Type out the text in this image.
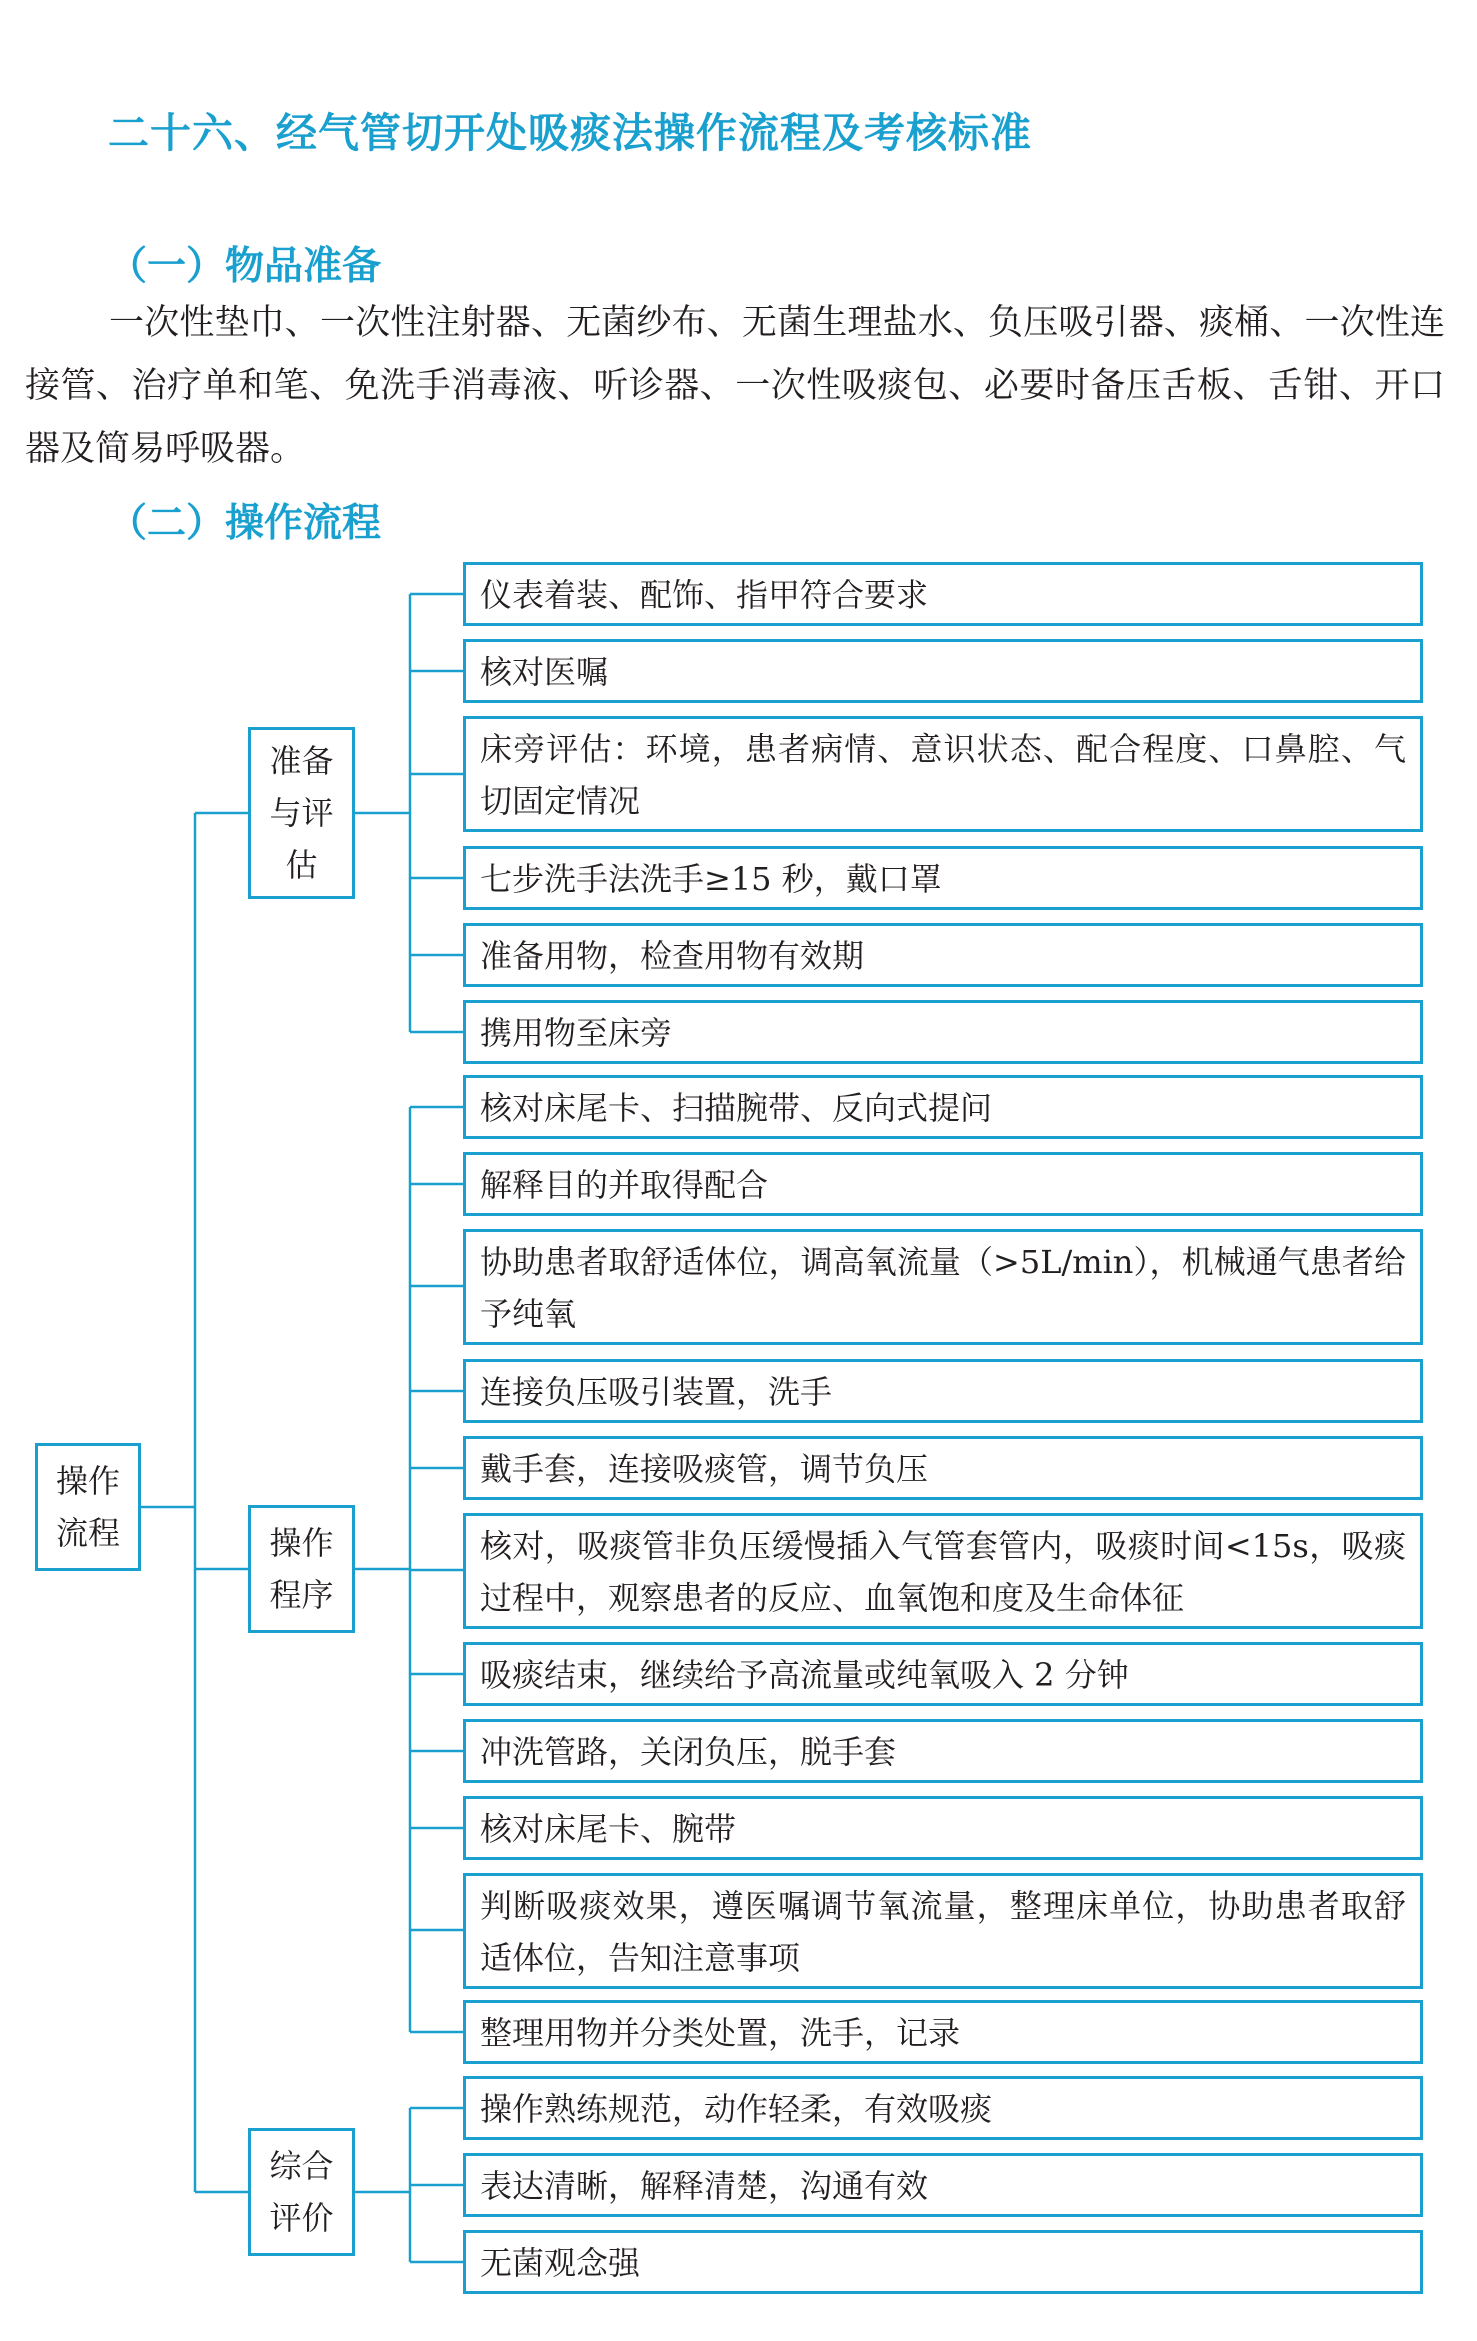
二十六、经气管切开处吸痰法操作流程及考核标准
（一）物品准备
一次性垫巾、一次性注射器、无菌纱布、无菌生理盐水、负压吸引器、痰桶、一次性连接管、治疗单和笔、免洗手消毒液、听诊器、一次性吸痰包、必要时备压舌板、舌钳、开口器及简易呼吸器。
（二）操作流程
操作流程
准备与评估
操作程序
综合评价
仪表着装、配饰、指甲符合要求
核对医嘱
床旁评估：环境，患者病情、意识状态、配合程度、口鼻腔、气切固定情况
七步洗手法洗手≥15 秒，戴口罩
准备用物，检查用物有效期
携用物至床旁
核对床尾卡、扫描腕带、反向式提问
解释目的并取得配合
协助患者取舒适体位，调高氧流量（>5L/min），机械通气患者给予纯氧
连接负压吸引装置，洗手
戴手套，连接吸痰管，调节负压
核对，吸痰管非负压缓慢插入气管套管内，吸痰时间<15s，吸痰过程中，观察患者的反应、血氧饱和度及生命体征
吸痰结束，继续给予高流量或纯氧吸入 2 分钟
冲洗管路，关闭负压，脱手套
核对床尾卡、腕带
判断吸痰效果，遵医嘱调节氧流量，整理床单位，协助患者取舒适体位，告知注意事项
整理用物并分类处置，洗手，记录
操作熟练规范，动作轻柔，有效吸痰
表达清晰，解释清楚，沟通有效
无菌观念强
